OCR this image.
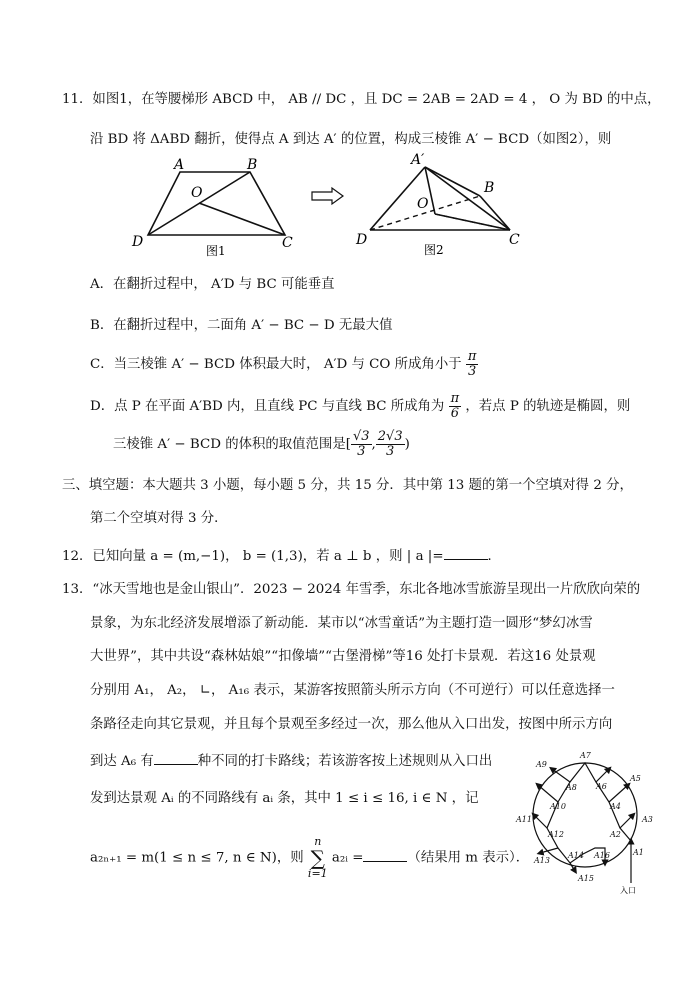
11．如图1，在等腰梯形 ABCD 中， AB // DC ，且 DC = 2AB = 2AD = 4 ， O 为 BD 的中点，
沿 BD 将 ΔABD 翻折，使得点 A 到达 A′ 的位置，构成三棱锥 A′ − BCD（如图2），则
A	B
D	C
O
图1
A′
B
D	C
O
图2
A．在翻折过程中， A′D 与 BC 可能垂直
B．在翻折过程中，二面角 A′ − BC − D 无最大值
C．当三棱锥 A′ − BCD 体积最大时， A′D 与 CO 所成角小于 $\frac{\pi}{3}$
D．点 P 在平面 A′BD 内，且直线 PC 与直线 BC 所成角为 $\frac{\pi}{6}$ ，若点 P 的轨迹是椭圆，则
三棱锥 A′ − BCD 的体积的取值范围是[ $\frac{√3}{3}$ , $\frac{2√3}{3}$ )
三、填空题：本大题共 3 小题，每小题 5 分，共 15 分．其中第 13 题的第一个空填对得 2 分，
第二个空填对得 3 分．
12．已知向量 a = (m,−1)， b = (1,3)，若 a ⊥ b ，则 | a |=	．
13．“冰天雪地也是金山银山”．2023 − 2024 年雪季，东北各地冰雪旅游呈现出一片欣欣向荣的
景象，为东北经济发展增添了新动能．某市以“冰雪童话”为主题打造一圆形“梦幻冰雪
大世界”，其中共设“森林姑娘”“扣像墙”“古堡滑梯”等16 处打卡景观．若这16 处景观
分别用 A₁， A₂， ∟， A₁₆ 表示，某游客按照箭头所示方向（不可逆行）可以任意选择一
条路径走向其它景观，并且每个景观至多经过一次，那么他从入口出发，按图中所示方向
到达 A₆ 有	种不同的打卡路线；若该游客按上述规则从入口出
发到达景观 Aᵢ 的不同路线有 aᵢ 条，其中 1 ≤ i ≤ 16, i ∈ N ，记
a₂ₙ₊₁ = m(1 ≤ n ≤ 7, n ∈ N)，则
n
∑
i=1
a₂ᵢ =	（结果用 m 表示）．	A1
A2
A3
A4
A5
A6
A7
A8
A9
A10
A11
A12
A13
A14
A15
A16
入口
